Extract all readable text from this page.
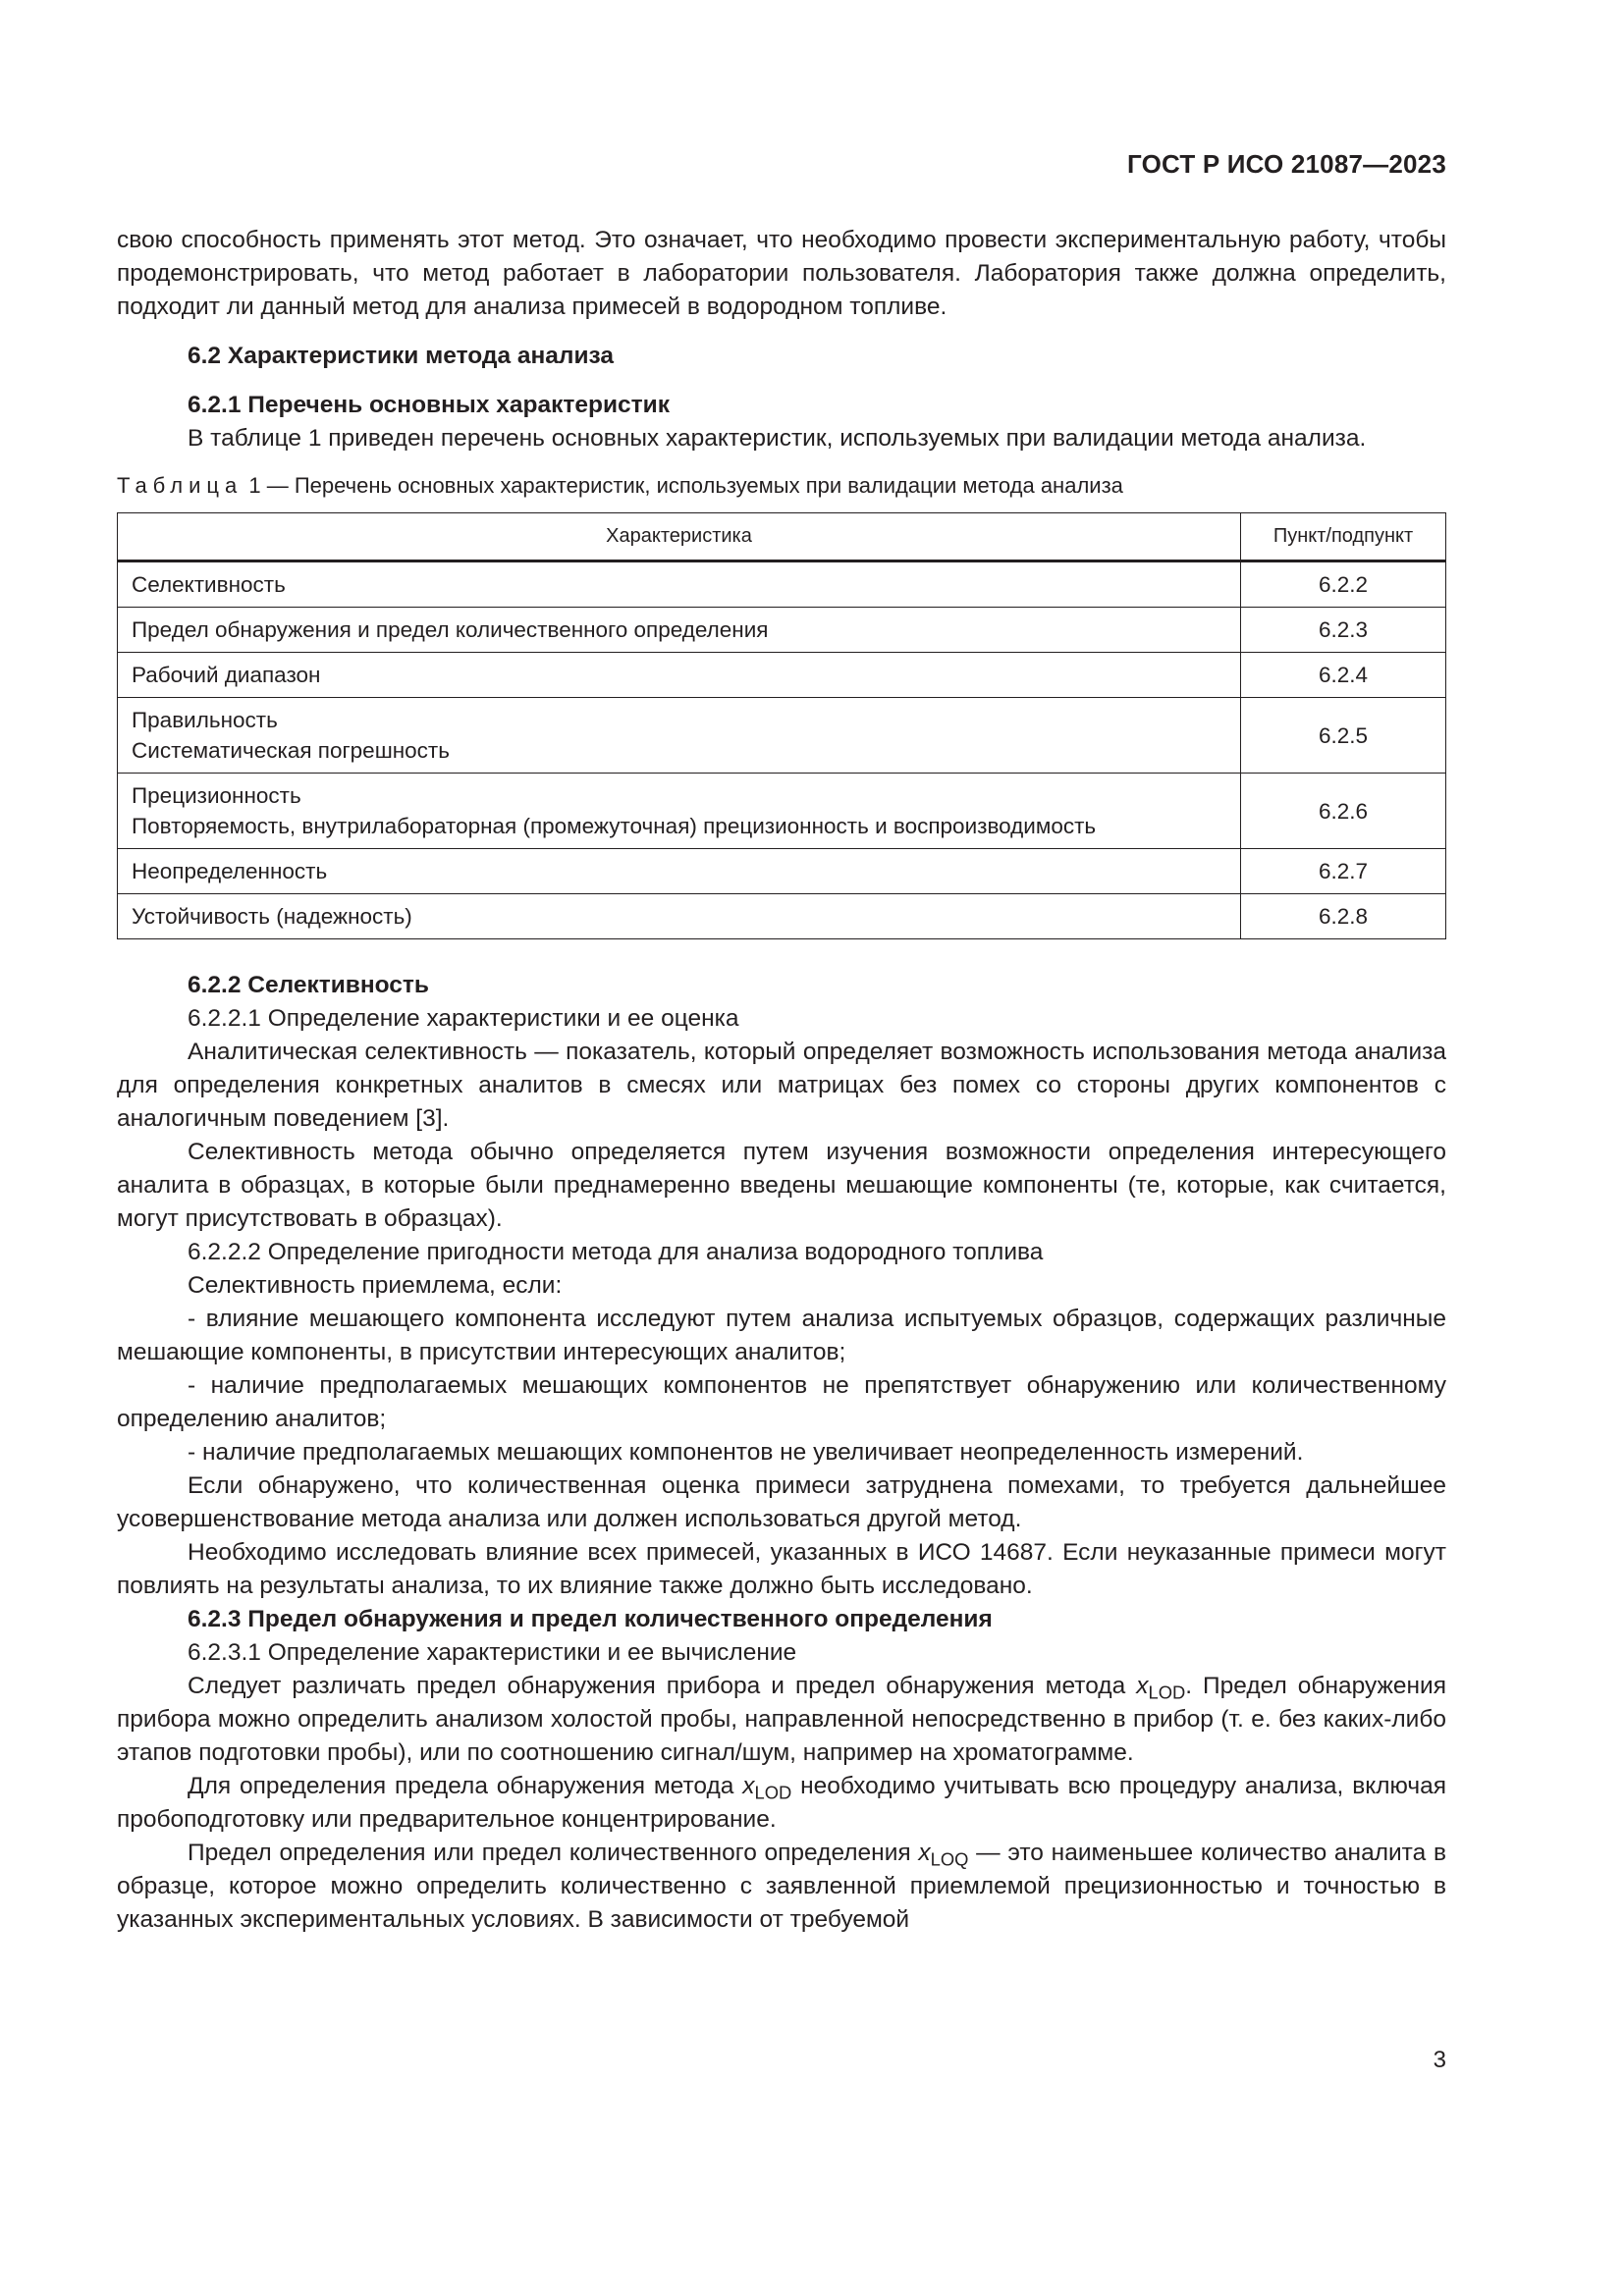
ГОСТ Р ИСО 21087—2023

свою способность применять этот метод. Это означает, что необходимо провести экспериментальную работу, чтобы продемонстрировать, что метод работает в лаборатории пользователя. Лаборатория также должна определить, подходит ли данный метод для анализа примесей в водородном топливе.

6.2 Характеристики метода анализа

6.2.1 Перечень основных характеристик

В таблице 1 приведен перечень основных характеристик, используемых при валидации метода анализа.

Таблица 1 — Перечень основных характеристик, используемых при валидации метода анализа

Характеристика	Пункт/подпункт
Селективность	6.2.2
Предел обнаружения и предел количественного определения	6.2.3
Рабочий диапазон	6.2.4

Правильность
Систематическая погрешность	6.2.5

Прецизионность
Повторяемость, внутрилабораторная (промежуточная) прецизионность и воспроизводимость	6.2.6
Неопределенность	6.2.7
Устойчивость (надежность)	6.2.8

6.2.2 Селективность

6.2.2.1 Определение характеристики и ее оценка

Аналитическая селективность — показатель, который определяет возможность использования метода анализа для определения конкретных аналитов в смесях или матрицах без помех со стороны других компонентов с аналогичным поведением [3].

Селективность метода обычно определяется путем изучения возможности определения интересующего аналита в образцах, в которые были преднамеренно введены мешающие компоненты (те, которые, как считается, могут присутствовать в образцах).

6.2.2.2 Определение пригодности метода для анализа водородного топлива

Селективность приемлема, если:

- влияние мешающего компонента исследуют путем анализа испытуемых образцов, содержащих различные мешающие компоненты, в присутствии интересующих аналитов;

- наличие предполагаемых мешающих компонентов не препятствует обнаружению или количественному определению аналитов;

- наличие предполагаемых мешающих компонентов не увеличивает неопределенность измерений.

Если обнаружено, что количественная оценка примеси затруднена помехами, то требуется дальнейшее усовершенствование метода анализа или должен использоваться другой метод.

Необходимо исследовать влияние всех примесей, указанных в ИСО 14687. Если неуказанные примеси могут повлиять на результаты анализа, то их влияние также должно быть исследовано.

6.2.3 Предел обнаружения и предел количественного определения

6.2.3.1 Определение характеристики и ее вычисление

Следует различать предел обнаружения прибора и предел обнаружения метода $x_{LOD}$. Предел обнаружения прибора можно определить анализом холостой пробы, направленной непосредственно в прибор (т. е. без каких-либо этапов подготовки пробы), или по соотношению сигнал/шум, например на хроматограмме.

Для определения предела обнаружения метода $x_{LOD}$ необходимо учитывать всю процедуру анализа, включая пробоподготовку или предварительное концентрирование.

Предел определения или предел количественного определения $x_{LOQ}$ — это наименьшее количество аналита в образце, которое можно определить количественно с заявленной приемлемой прецизионностью и точностью в указанных экспериментальных условиях. В зависимости от требуемой

3
